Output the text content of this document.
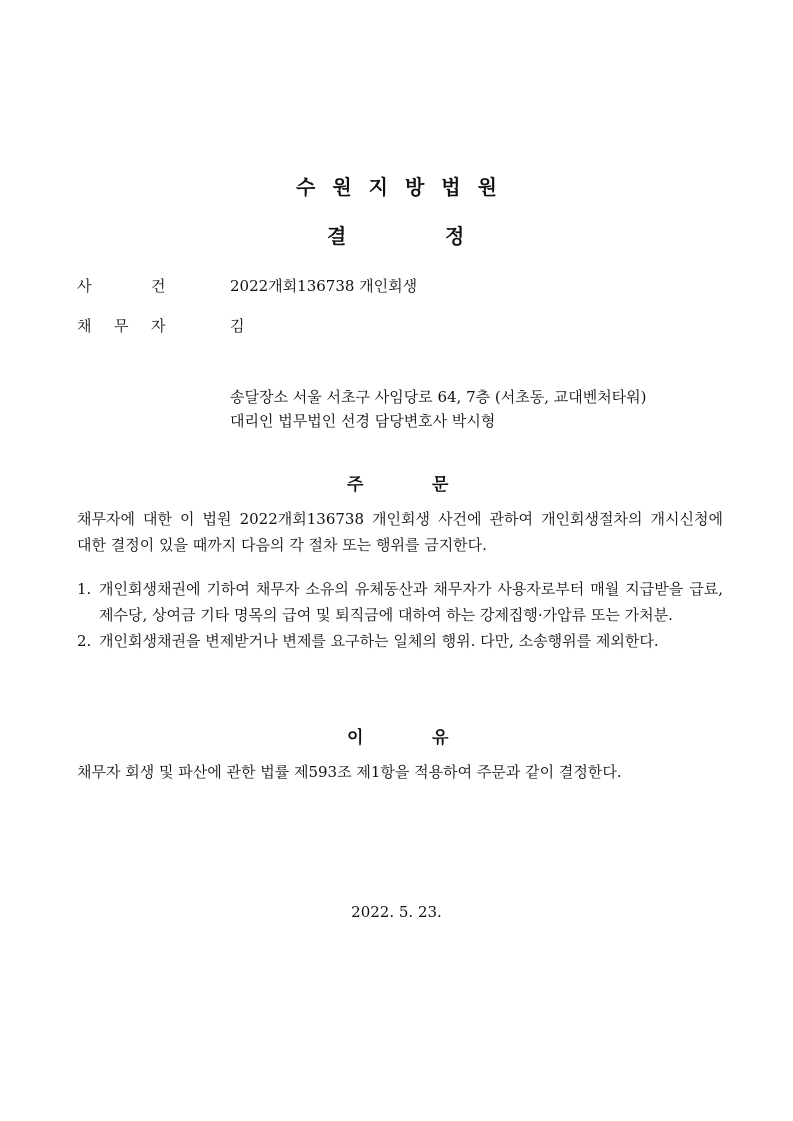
수원지방법원
결	정
사	건	2022개회136738 개인회생
채 무 자	김
송달장소 서울 서초구 사임당로 64, 7층 (서초동, 교대벤처타워)
대리인 법무법인 선경 담당변호사 박시형
주	문
채무자에 대한 이 법원 2022개회136738 개인회생 사건에 관하여 개인회생절차의 개시신청에 대한 결정이 있을 때까지 다음의 각 절차 또는 행위를 금지한다.
1. 개인회생채권에 기하여 채무자 소유의 유체동산과 채무자가 사용자로부터 매월 지급받을 급료, 제수당, 상여금 기타 명목의 급여 및 퇴직금에 대하여 하는 강제집행·가압류 또는 가처분.
2. 개인회생채권을 변제받거나 변제를 요구하는 일체의 행위. 다만, 소송행위를 제외한다.
이	유
채무자 회생 및 파산에 관한 법률 제593조 제1항을 적용하여 주문과 같이 결정한다.
2022. 5. 23.
